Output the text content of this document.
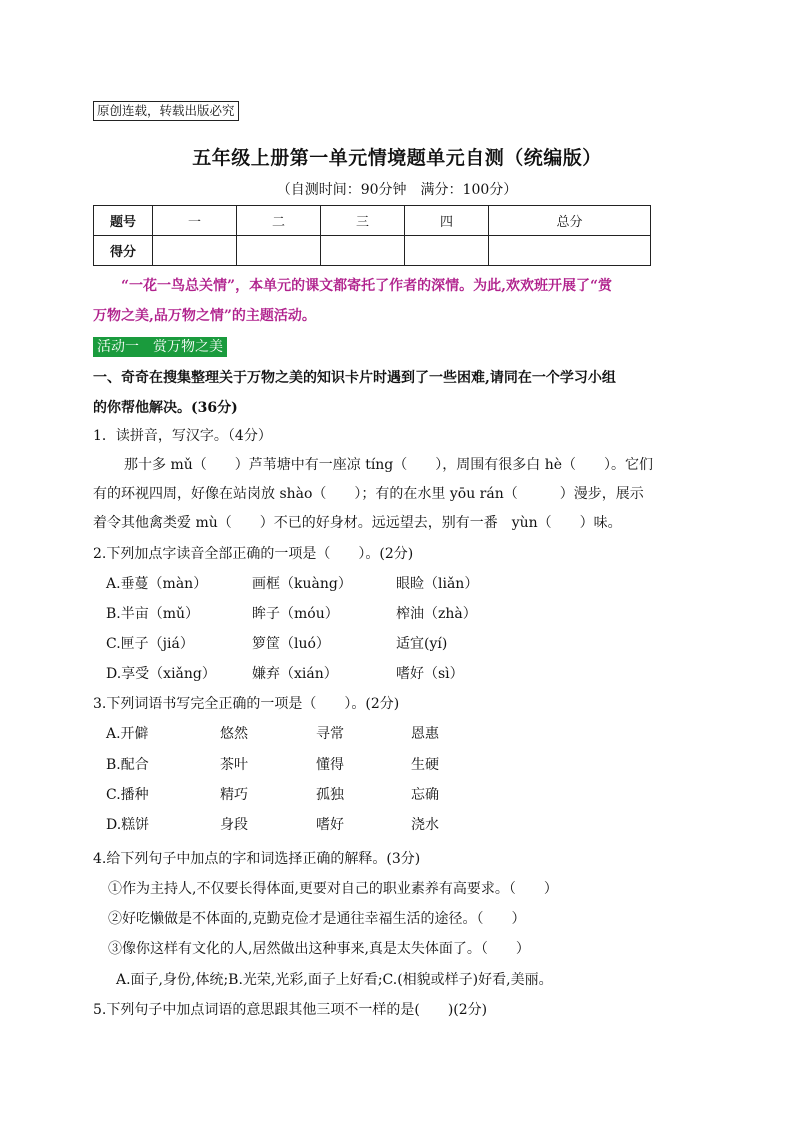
原创连载，转载出版必究
五年级上册第一单元情境题单元自测（统编版）
（自测时间：90分钟　满分：100分）
题号	一	二	三	四	总分
得分					
“一花一鸟总关情”，本单元的课文都寄托了作者的深情。为此,欢欢班开展了“赏
万物之美,品万物之情”的主题活动。
活动一　赏万物之美
一、奇奇在搜集整理关于万物之美的知识卡片时遇到了一些困难,请同在一个学习小组
的你帮他解决。(36分)
1．读拼音，写汉字。（4分）
那十多 mǔ（　　）芦苇塘中有一座凉 tíng（　　），周围有很多白 hè（　　）。它们
有的环视四周，好像在站岗放 shào（　　）；有的在水里 yōu rán（　　　）漫步，展示
着令其他禽类爱 mù（　　）不已的好身材。远远望去，别有一番　yùn（　　）味。
2.下列加点字读音全部正确的一项是（　　）。(2分)
A.垂蔓（màn）	画框（kuàng）	眼睑（liǎn）
B.半亩（mǔ）	眸子（móu）	榨油（zhà）
C.匣子（jiá）	箩筐（luó）	适宜(yí)
D.享受（xiǎng）	嫌弃（xián）	嗜好（sì）
3.下列词语书写完全正确的一项是（　　）。(2分)
A.开僻	悠然	寻常	恩惠
B.配合	茶叶	懂得	生硬
C.播种	精巧	孤独	忘确
D.糕饼	身段	嗜好	浇水
4.给下列句子中加点的字和词选择正确的解释。(3分)
①作为主持人,不仅要长得体面,更要对自己的职业素养有高要求。（　　）
②好吃懒做是不体面的,克勤克俭才是通往幸福生活的途径。（　　）
③像你这样有文化的人,居然做出这种事来,真是太失体面了。（　　）
A.面子,身份,体统;B.光荣,光彩,面子上好看;C.(相貌或样子)好看,美丽。
5.下列句子中加点词语的意思跟其他三项不一样的是(　　)(2分)
